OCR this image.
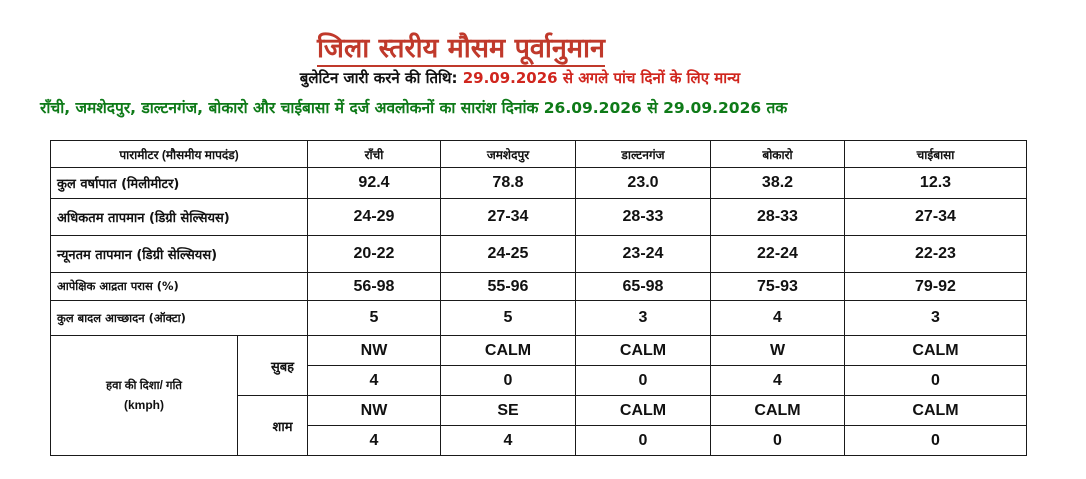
जिला स्तरीय मौसम पूर्वानुमान
बुलेटिन जारी करने की तिथि: 29.09.2026 से अगले पांच दिनों के लिए मान्य
राँची, जमशेदपुर, डाल्टनगंज, बोकारो और चाईबासा में दर्ज अवलोकनों का सारांश दिनांक 26.09.2026 से 29.09.2026 तक
पारामीटर (मौसमीय मापदंड)		राँची	जमशेदपुर	डाल्टनगंज	बोकारो	चाईबासा
कुल वर्षापात (मिलीमीटर)		92.4	78.8	23.0	38.2	12.3
अधिकतम तापमान (डिग्री सेल्सियस)		24-29	27-34	28-33	28-33	27-34
न्यूनतम तापमान (डिग्री सेल्सियस)		20-22	24-25	23-24	22-24	22-23
आपेक्षिक आद्रता परास (%)		56-98	55-96	65-98	75-93	79-92
कुल बादल आच्छादन (ऑक्टा)		5	5	3	4	3

हवा की दिशा/ गति
(kmph)	सुबह	NW	CALM	CALM	W	CALM
		4	0	0	4	0
	शाम	NW	SE	CALM	CALM	CALM
		4	4	0	0	0
